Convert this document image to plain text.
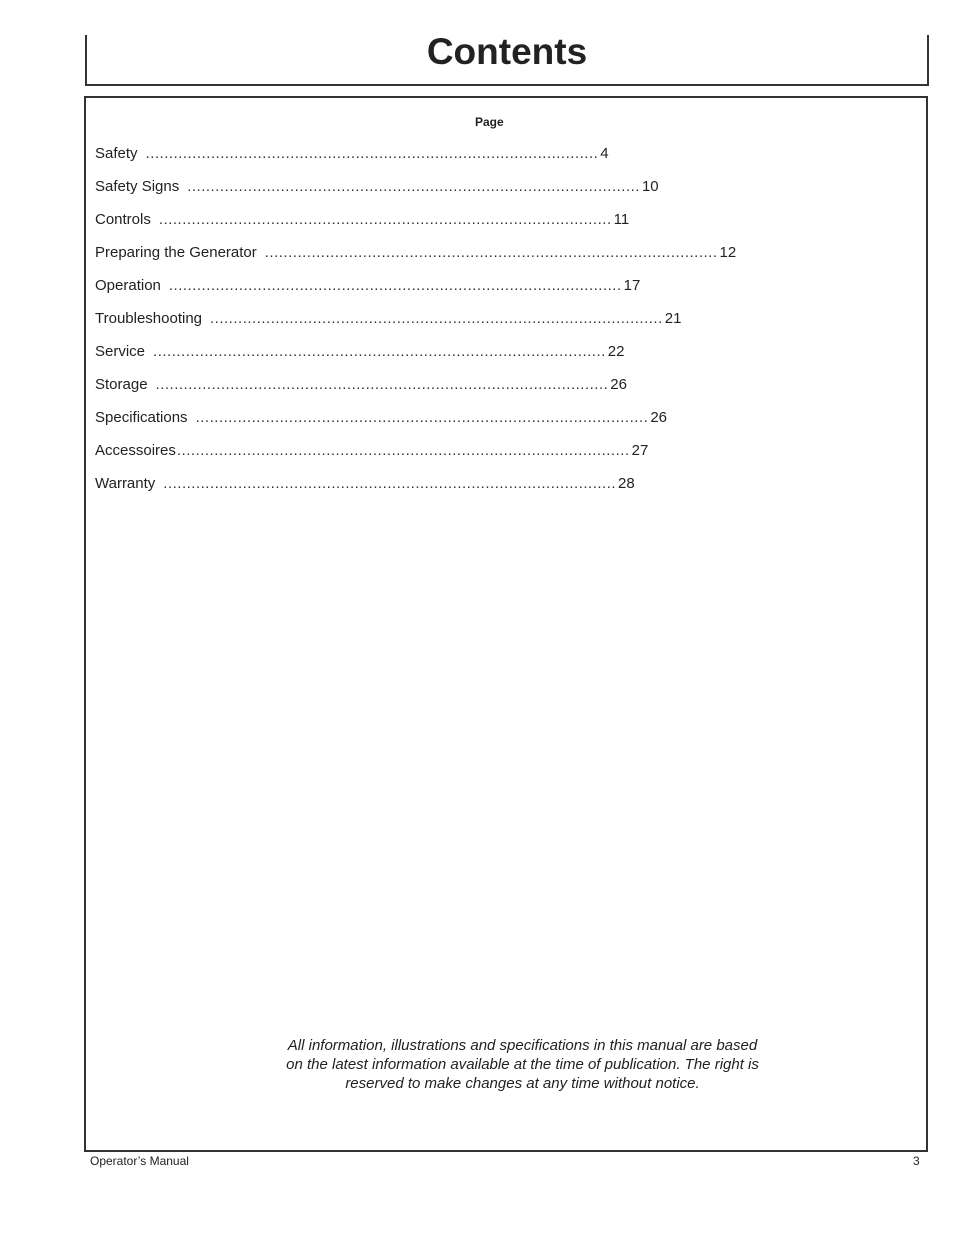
Contents
Page
Safety ................................................................................................. 4
Safety Signs ................................................................................................. 10
Controls ................................................................................................. 11
Preparing the Generator ................................................................................................. 12
Operation ................................................................................................. 17
Troubleshooting ................................................................................................. 21
Service ................................................................................................. 22
Storage ................................................................................................. 26
Specifications ................................................................................................. 26
Accessoires ................................................................................................. 27
Warranty ................................................................................................. 28
All information, illustrations and specifications in this manual are based
on the latest information available at the time of publication. The right is
reserved to make changes at any time without notice.
Operator’s Manual	3
